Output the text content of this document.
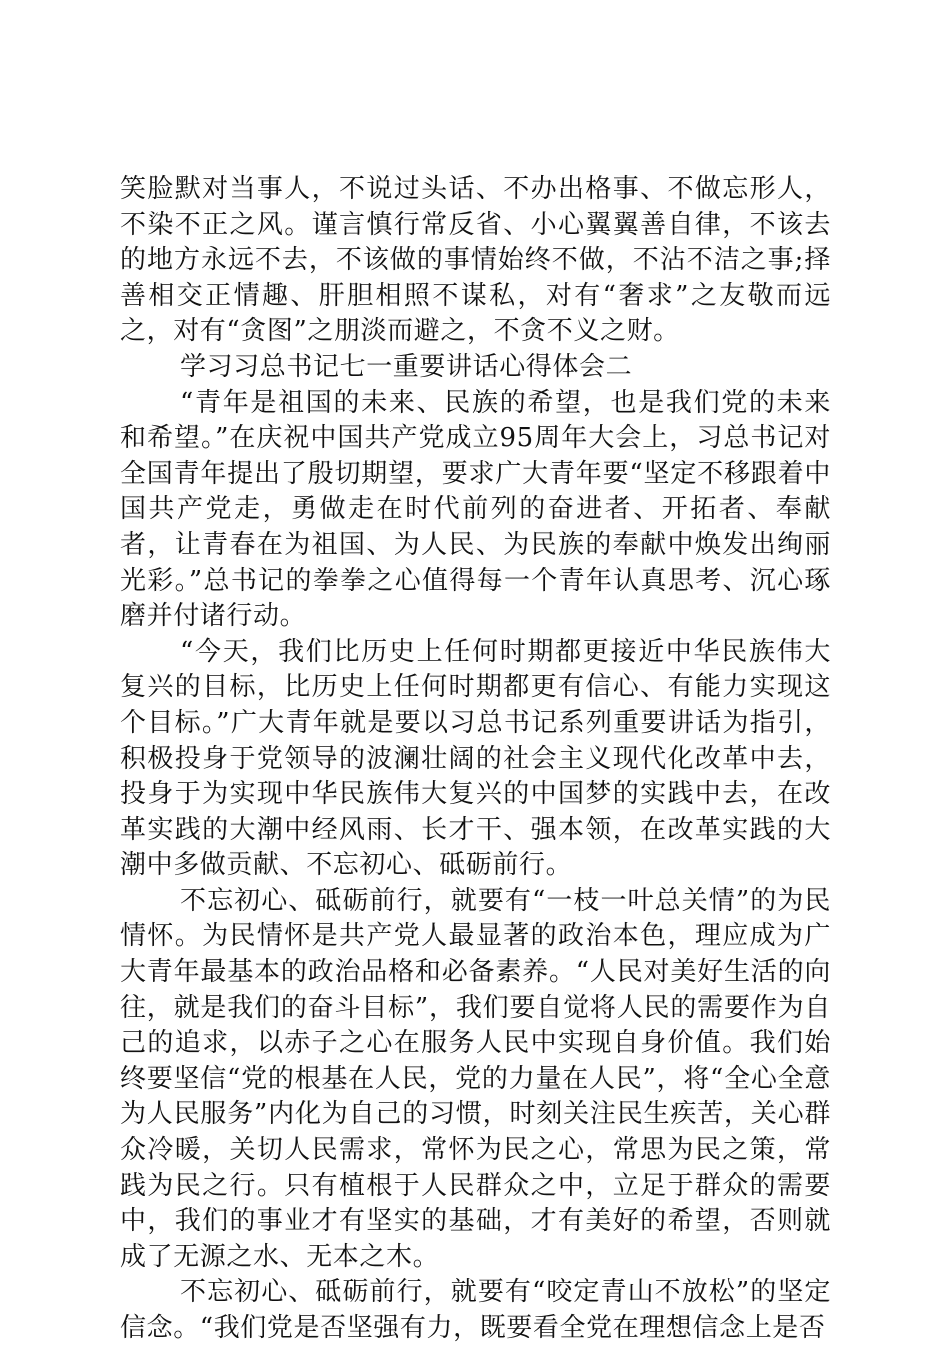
笑脸默对当事人，不说过头话、不办出格事、不做忘形人，不染不正之风。谨言慎行常反省、小心翼翼善自律，不该去的地方永远不去，不该做的事情始终不做，不沾不洁之事;择善相交正情趣、肝胆相照不谋私，对有“奢求”之友敬而远之，对有“贪图”之朋淡而避之，不贪不义之财。

学习习总书记七一重要讲话心得体会二

“青年是祖国的未来、民族的希望，也是我们党的未来和希望。”在庆祝中国共产党成立95周年大会上，习总书记对全国青年提出了殷切期望，要求广大青年要“坚定不移跟着中国共产党走，勇做走在时代前列的奋进者、开拓者、奉献者，让青春在为祖国、为人民、为民族的奉献中焕发出绚丽光彩。”总书记的拳拳之心值得每一个青年认真思考、沉心琢磨并付诸行动。

“今天，我们比历史上任何时期都更接近中华民族伟大复兴的目标，比历史上任何时期都更有信心、有能力实现这个目标。”广大青年就是要以习总书记系列重要讲话为指引，积极投身于党领导的波澜壮阔的社会主义现代化改革中去，投身于为实现中华民族伟大复兴的中国梦的实践中去，在改革实践的大潮中经风雨、长才干、强本领，在改革实践的大潮中多做贡献、不忘初心、砥砺前行。

不忘初心、砥砺前行，就要有“一枝一叶总关情”的为民情怀。为民情怀是共产党人最显著的政治本色，理应成为广大青年最基本的政治品格和必备素养。“人民对美好生活的向往，就是我们的奋斗目标”，我们要自觉将人民的需要作为自己的追求，以赤子之心在服务人民中实现自身价值。我们始终要坚信“党的根基在人民，党的力量在人民”，将“全心全意为人民服务”内化为自己的习惯，时刻关注民生疾苦，关心群众冷暖，关切人民需求，常怀为民之心，常思为民之策，常践为民之行。只有植根于人民群众之中，立足于群众的需要中，我们的事业才有坚实的基础，才有美好的希望，否则就成了无源之水、无本之木。

不忘初心、砥砺前行，就要有“咬定青山不放松”的坚定信念。“我们党是否坚强有力，既要看全党在理想信念上是否
